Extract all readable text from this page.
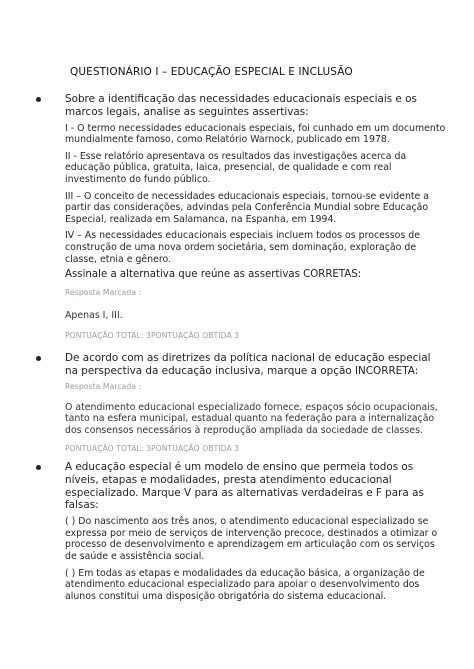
QUESTIONÁRIO I – EDUCAÇÃO ESPECIAL E INCLUSÃO

Sobre a identificação das necessidades educacionais especiais e os marcos legais, analise as seguintes assertivas:

I - O termo necessidades educacionais especiais, foi cunhado em um documento mundialmente famoso, como Relatório Warnock, publicado em 1978.

II - Esse relatório apresentava os resultados das investigações acerca da educação pública, gratuita, laica, presencial, de qualidade e com real investimento do fundo público.

III – O conceito de necessidades educacionais especiais, tornou-se evidente a partir das considerações, advindas pela Conferência Mundial sobre Educação Especial, realizada em Salamanca, na Espanha, em 1994.

IV – As necessidades educacionais especiais incluem todos os processos de construção de uma nova ordem societária, sem dominação, exploração de classe, etnia e gênero.

Assinale a alternativa que reúne as assertivas CORRETAS:

Resposta Marcada :

Apenas I, III.

PONTUAÇÃO TOTAL: 3PONTUAÇÃO OBTIDA 3

De acordo com as diretrizes da política nacional de educação especial na perspectiva da educação inclusiva, marque a opção INCORRETA:

Resposta Marcada :

O atendimento educacional especializado fornece, espaços sócio ocupacionais, tanto na esfera municipal, estadual quanto na federação para a internalização dos consensos necessários à reprodução ampliada da sociedade de classes.

PONTUAÇÃO TOTAL: 3PONTUAÇÃO OBTIDA 3

A educação especial é um modelo de ensino que permeia todos os níveis, etapas e modalidades, presta atendimento educacional especializado. Marque V para as alternativas verdadeiras e F para as falsas:

( ) Do nascimento aos três anos, o atendimento educacional especializado se expressa por meio de serviços de intervenção precoce, destinados a otimizar o processo de desenvolvimento e aprendizagem em articulação com os serviços de saúde e assistência social.

( ) Em todas as etapas e modalidades da educação básica, a organização de atendimento educacional especializado para apoiar o desenvolvimento dos alunos constitui uma disposição obrigatória do sistema educacional.
